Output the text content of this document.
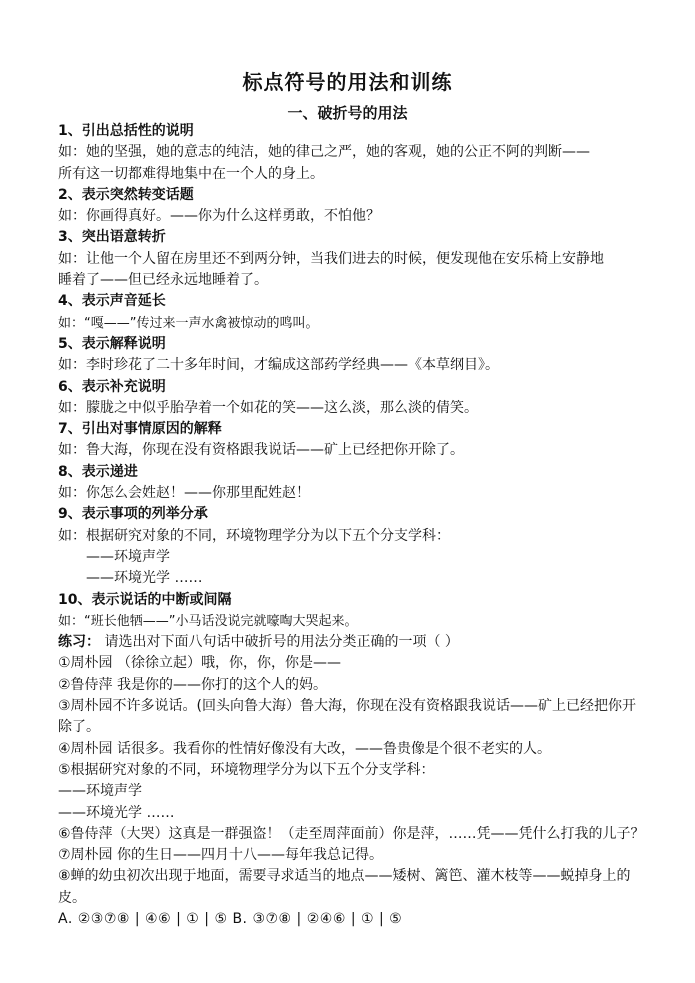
标点符号的用法和训练
一、破折号的用法
1、引出总括性的说明
如：她的坚强，她的意志的纯洁，她的律己之严，她的客观，她的公正不阿的判断——
所有这一切都难得地集中在一个人的身上。
2、表示突然转变话题
如：你画得真好。——你为什么这样勇敢，不怕他？
3、突出语意转折
如：让他一个人留在房里还不到两分钟，当我们进去的时候，便发现他在安乐椅上安静地
睡着了——但已经永远地睡着了。
4、表示声音延长
如：“嘎——”传过来一声水禽被惊动的鸣叫。
5、表示解释说明
如：李时珍花了二十多年时间，才编成这部药学经典——《本草纲目》。
6、表示补充说明
如：朦胧之中似乎胎孕着一个如花的笑——这么淡，那么淡的倩笑。
7、引出对事情原因的解释
如：鲁大海，你现在没有资格跟我说话——矿上已经把你开除了。
8、表示递进
如：你怎么会姓赵！——你那里配姓赵！
9、表示事项的列举分承
如：根据研究对象的不同，环境物理学分为以下五个分支学科：
——环境声学
——环境光学 ……
10、表示说话的中断或间隔
如：“班长他牺——”小马话没说完就嚎啕大哭起来。
练习： 请选出对下面八句话中破折号的用法分类正确的一项（ ）
①周朴园 （徐徐立起）哦，你，你，你是——
②鲁侍萍 我是你的——你打的这个人的妈。
③周朴园不许多说话。(回头向鲁大海）鲁大海，你现在没有资格跟我说话——矿上已经把你开
除了。
④周朴园 话很多。我看你的性情好像没有大改，——鲁贵像是个很不老实的人。
⑤根据研究对象的不同，环境物理学分为以下五个分支学科：
——环境声学
——环境光学 ……
⑥鲁侍萍（大哭）这真是一群强盗！（走至周萍面前）你是萍，……凭——凭什么打我的儿子？
⑦周朴园 你的生日——四月十八——每年我总记得。
⑧蝉的幼虫初次出现于地面，需要寻求适当的地点——矮树、篱笆、灌木枝等——蜕掉身上的
皮。
A. ②③⑦⑧ | ④⑥ | ① | ⑤ B. ③⑦⑧ | ②④⑥ | ① | ⑤
